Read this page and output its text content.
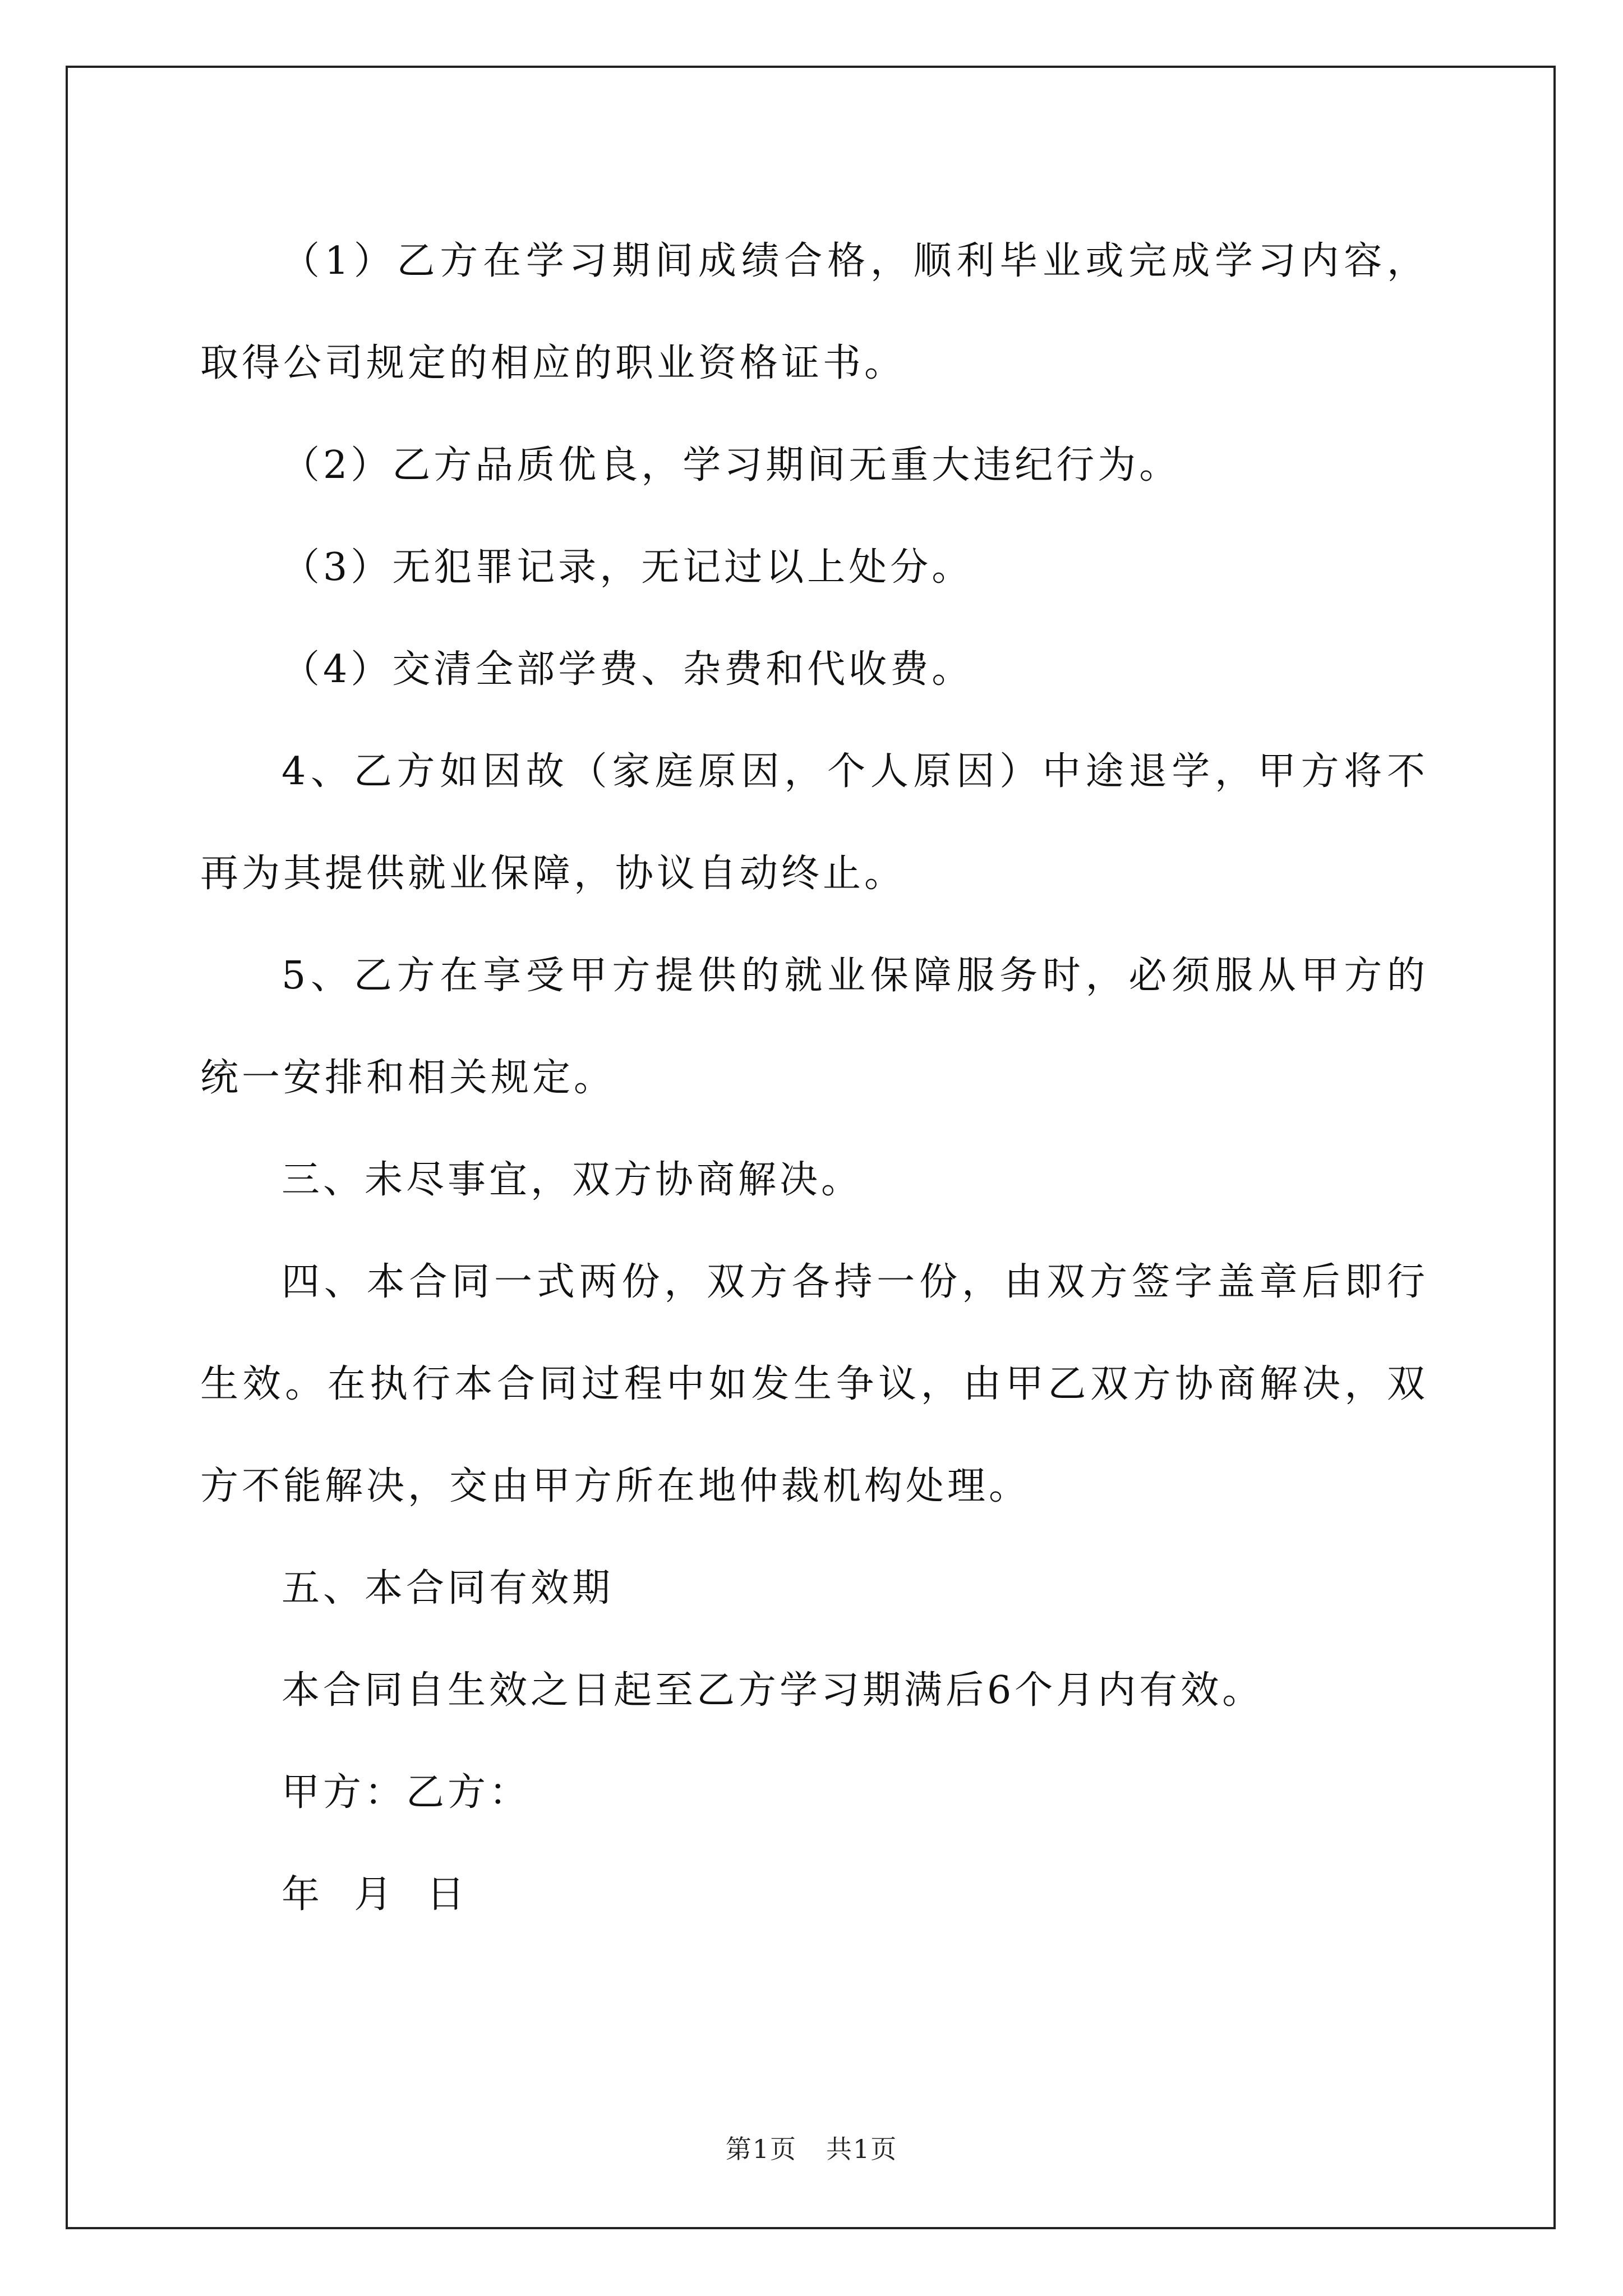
（1）乙方在学习期间成绩合格，顺利毕业或完成学习内容，取得公司规定的相应的职业资格证书。

（2）乙方品质优良，学习期间无重大违纪行为。

（3）无犯罪记录，无记过以上处分。

（4）交清全部学费、杂费和代收费。

4、乙方如因故（家庭原因，个人原因）中途退学，甲方将不再为其提供就业保障，协议自动终止。

5、乙方在享受甲方提供的就业保障服务时，必须服从甲方的统一安排和相关规定。

三、未尽事宜，双方协商解决。

四、本合同一式两份，双方各持一份，由双方签字盖章后即行生效。在执行本合同过程中如发生争议，由甲乙双方协商解决，双方不能解决，交由甲方所在地仲裁机构处理。

五、本合同有效期

本合同自生效之日起至乙方学习期满后6个月内有效。

甲方：乙方：

年  月  日

第1页 共1页
